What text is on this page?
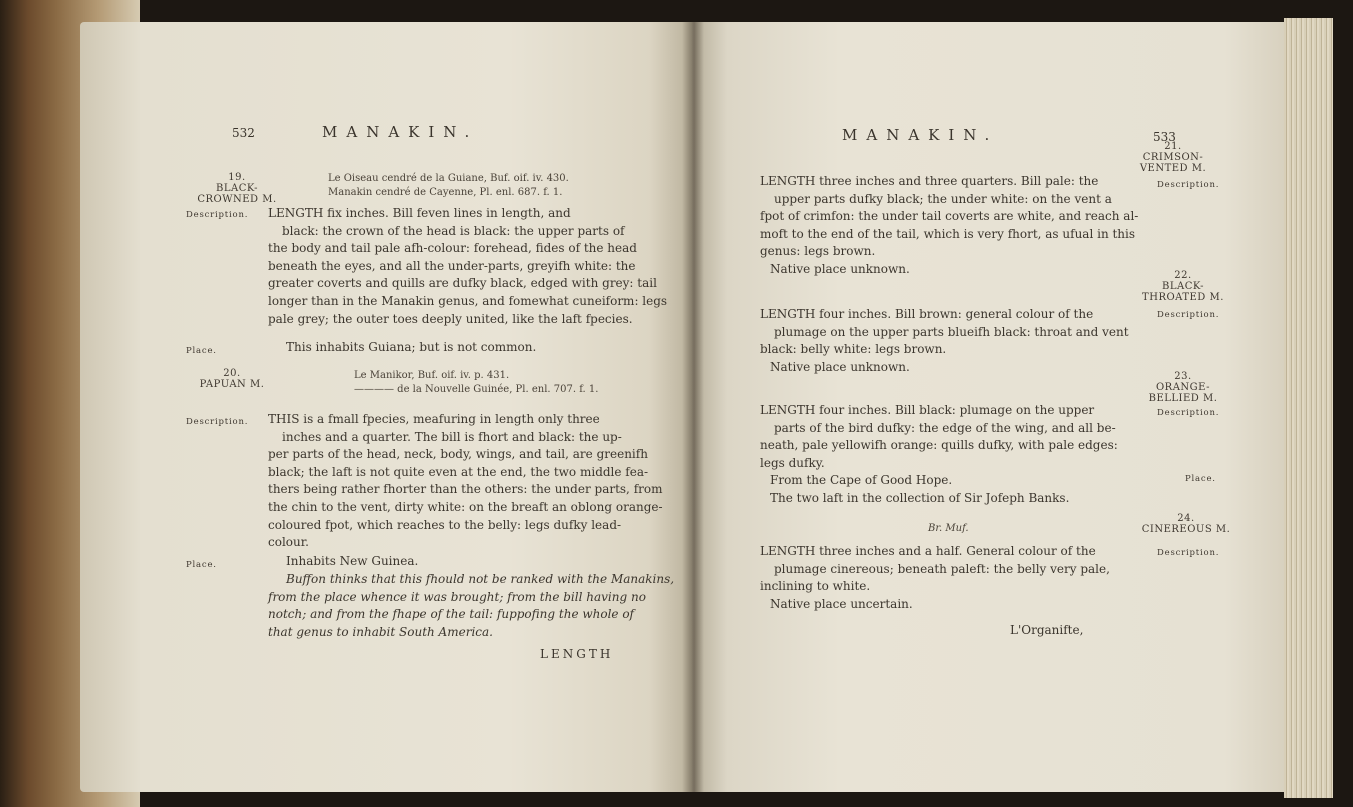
532	MANAKIN.
19.
BLACK-
CROWNED M.
Le Oiseau cendré de la Guiane, Buf. oif. iv. 430.
Manakin cendré de Cayenne, Pl. enl. 687. f. 1.
Description. LENGTH fix inches. Bill feven lines in length, and

black: the crown of the head is black: the upper parts of

the body and tail pale afh-colour: forehead, fides of the head

beneath the eyes, and all the under-parts, greyifh white: the

greater coverts and quills are dufky black, edged with grey: tail

longer than in the Manakin genus, and fomewhat cuneiform: legs

pale grey; the outer toes deeply united, like the laft fpecies.

Place.	This inhabits Guiana; but is not common.
20.
PAPUAN M.
Le Manikor, Buf. oif. iv. p. 431.
———— de la Nouvelle Guinée, Pl. enl. 707. f. 1.
Description. THIS is a fmall fpecies, meafuring in length only three

inches and a quarter. The bill is fhort and black: the up-

per parts of the head, neck, body, wings, and tail, are greenifh

black; the laft is not quite even at the end, the two middle fea-

thers being rather fhorter than the others: the under parts, from

the chin to the vent, dirty white: on the breaft an oblong orange-

coloured fpot, which reaches to the belly: legs dufky lead-

colour.

Place.	Inhabits New Guinea.

Buffon thinks that this fhould not be ranked with the Manakins,

from the place whence it was brought; from the bill having no

notch; and from the fhape of the tail: fuppofing the whole of

that genus to inhabit South America.

LENGTH
MANAKIN.	533
21.
CRIMSON-
VENTED M.
Description.

LENGTH three inches and three quarters. Bill pale: the

upper parts dufky black; the under white: on the vent a

fpot of crimfon: the under tail coverts are white, and reach al-

moft to the end of the tail, which is very fhort, as ufual in this

genus: legs brown.

Native place unknown.	22.
BLACK-
THROATED M.
Description.

LENGTH four inches. Bill brown: general colour of the

plumage on the upper parts blueifh black: throat and vent

black: belly white: legs brown.

Native place unknown.

23.
ORANGE-
BELLIED M.
Description.

LENGTH four inches. Bill black: plumage on the upper

parts of the bird dufky: the edge of the wing, and all be-

neath, pale yellowifh orange: quills dufky, with pale edges:

legs dufky.

From the Cape of Good Hope.

The two laft in the collection of Sir Jofeph Banks.

Place.
Br. Muf.
24.
CINEREOUS M.
Description.

LENGTH three inches and a half. General colour of the

plumage cinereous; beneath paleft: the belly very pale,

inclining to white.

Native place uncertain.

L'Organifte,
